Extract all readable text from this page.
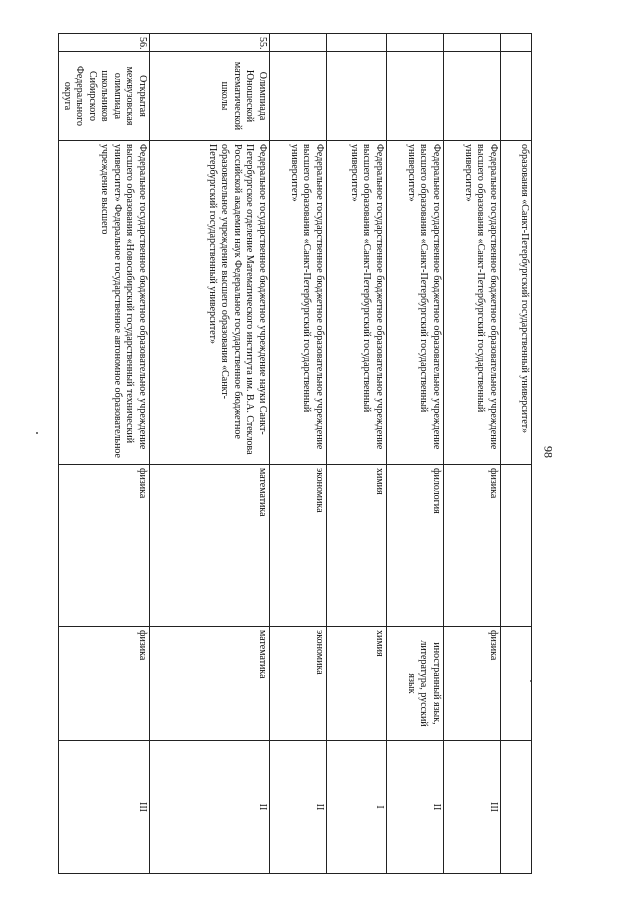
98
		образования «Санкт-Петербургский государственный университет»			
		Федеральное государственное бюджетное образовательное учреждение высшего образования «Санкт-Петербургский государственный университет»	физика	физика	III
		Федеральное государственное бюджетное образовательное учреждение высшего образования «Санкт-Петербургский государственный университет»	филология	иностранный язык, литература, русский язык	II
		Федеральное государственное бюджетное образовательное учреждение высшего образования «Санкт-Петербургский государственный университет»	химия	химия	I
		Федеральное государственное бюджетное образовательное учреждение высшего образования «Санкт-Петербургский государственный университет»	экономика	экономика	II
55.	Олимпиада Юношеской математической школы	Федеральное государственное бюджетное учреждение науки Санкт-Петербургское отделение Математического института им. В.А. Стеклова Российской академии наук Федеральное государственное бюджетное образовательное учреждение высшего образования «Санкт-Петербургский государственный университет»	математика	математика	II
56.	Открытая межвузовская олимпиада школьников Сибирского Федерального округа	Федеральное государственное бюджетное образовательное учреждение высшего образования «Новосибирский государственный технический университет» Федеральное государственное автономное образовательное учреждение высшего	физика	физика	III
